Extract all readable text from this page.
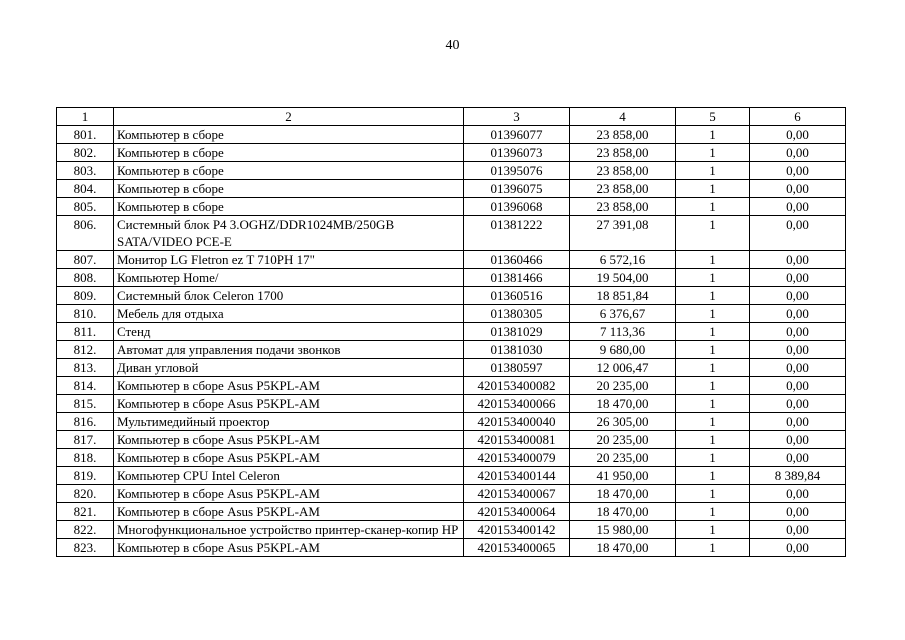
40
1	2	3	4	5	6
801.	Компьютер в сборе	01396077	23 858,00	1	0,00
802.	Компьютер в сборе	01396073	23 858,00	1	0,00
803.	Компьютер в сборе	01395076	23 858,00	1	0,00
804.	Компьютер в сборе	01396075	23 858,00	1	0,00
805.	Компьютер в сборе	01396068	23 858,00	1	0,00
806.	Системный блок Р4 3.OGHZ/DDR1024MB/250GB SATA/VIDEO PCE-E	01381222	27 391,08	1	0,00
807.	Монитор LG Fletron ez T 710PH 17"	01360466	6 572,16	1	0,00
808.	Компьютер Home/	01381466	19 504,00	1	0,00
809.	Системный блок Celeron 1700	01360516	18 851,84	1	0,00
810.	Мебель для отдыха	01380305	6 376,67	1	0,00
811.	Стенд	01381029	7 113,36	1	0,00
812.	Автомат для управления подачи звонков	01381030	9 680,00	1	0,00
813.	Диван угловой	01380597	12 006,47	1	0,00
814.	Компьютер в сборе Asus P5KPL-AM	420153400082	20 235,00	1	0,00
815.	Компьютер в сборе Asus P5KPL-AM	420153400066	18 470,00	1	0,00
816.	Мультимедийный проектор	420153400040	26 305,00	1	0,00
817.	Компьютер в сборе Asus P5KPL-AM	420153400081	20 235,00	1	0,00
818.	Компьютер в сборе Asus P5KPL-AM	420153400079	20 235,00	1	0,00
819.	Компьютер CPU Intel Celeron	420153400144	41 950,00	1	8 389,84
820.	Компьютер в сборе Asus P5KPL-AM	420153400067	18 470,00	1	0,00
821.	Компьютер в сборе Asus P5KPL-AM	420153400064	18 470,00	1	0,00
822.	Многофункциональное устройство принтер-сканер-копир HP	420153400142	15 980,00	1	0,00
823.	Компьютер в сборе Asus P5KPL-AM	420153400065	18 470,00	1	0,00
